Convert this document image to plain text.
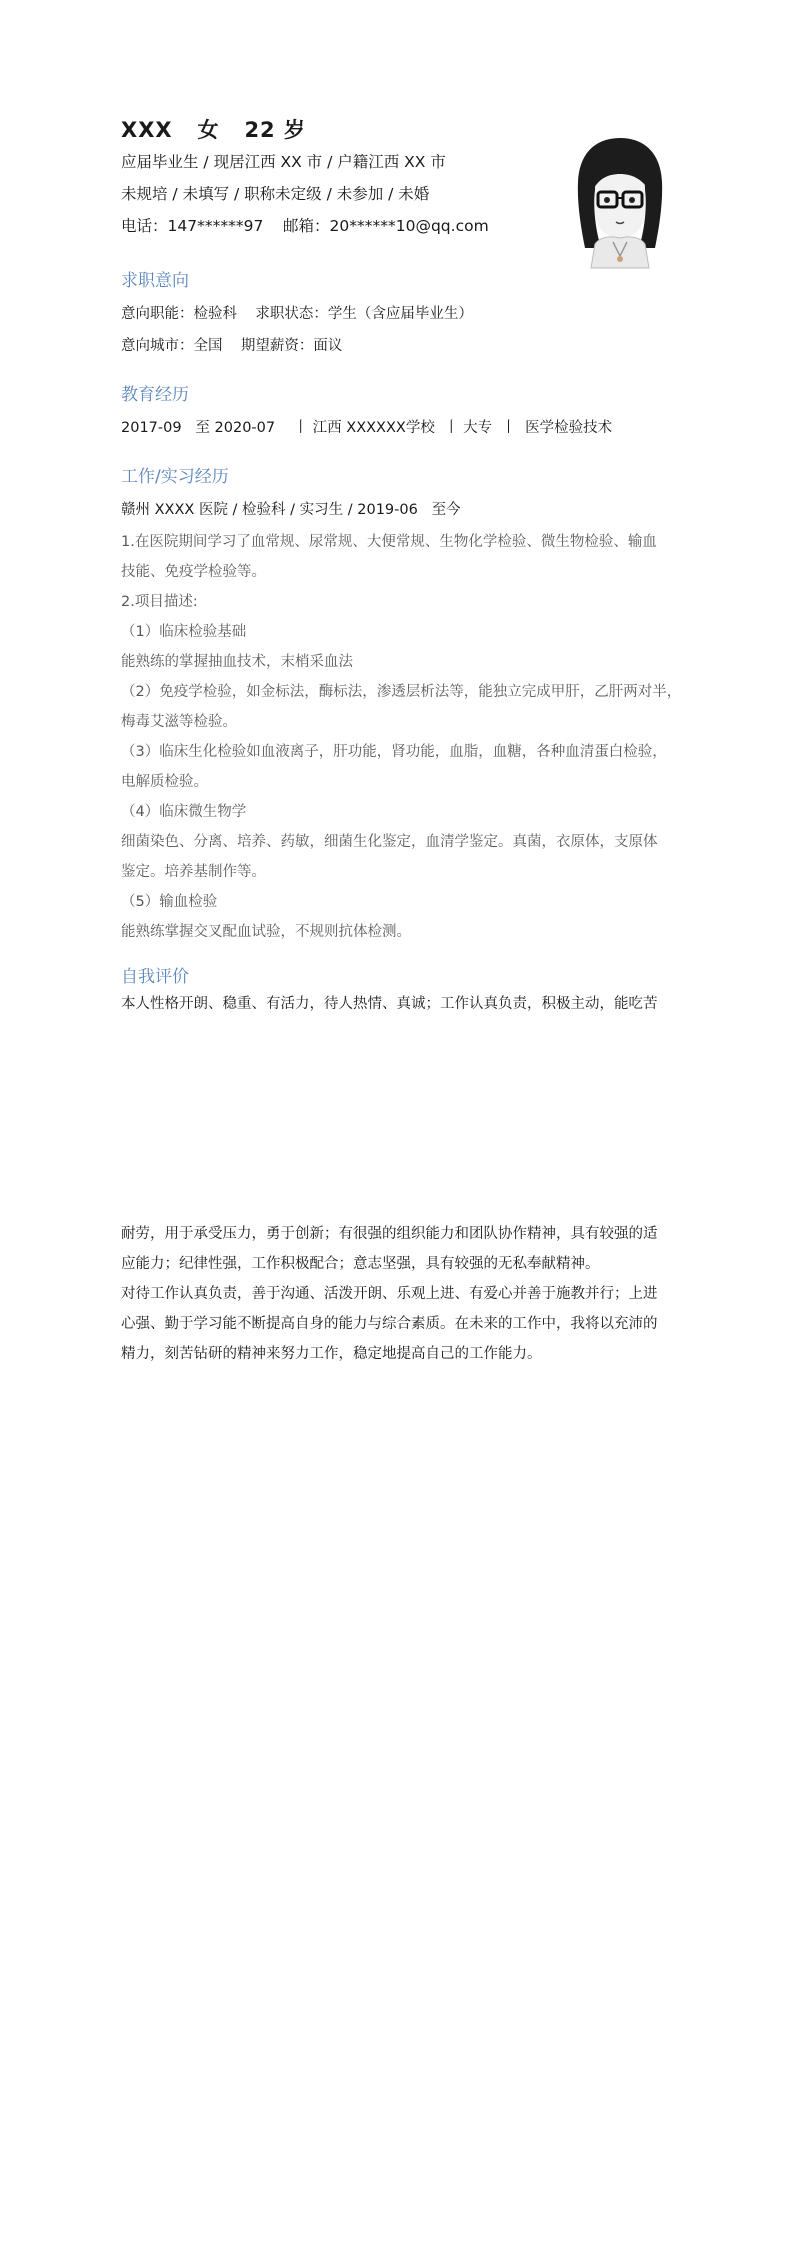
XXX   女   22 岁
应届毕业生 / 现居江西 XX 市 / 户籍江西 XX 市
未规培 / 未填写 / 职称未定级 / 未参加 / 未婚
电话：147******97    邮箱：20******10@qq.com
求职意向
意向职能：检验科    求职状态：学生（含应届毕业生）
意向城市：全国    期望薪资：面议
教育经历
2017-09   至 2020-07    丨 江西 XXXXXX学校  丨 大专  丨  医学检验技术
工作/实习经历
赣州 XXXX 医院 / 检验科 / 实习生 / 2019-06   至今
1.在医院期间学习了血常规、尿常规、大便常规、生物化学检验、微生物检验、输血
技能、免疫学检验等。
2.项目描述:
（1）临床检验基础
能熟练的掌握抽血技术，末梢采血法
（2）免疫学检验，如金标法，酶标法，渗透层析法等，能独立完成甲肝，乙肝两对半，
梅毒艾滋等检验。
（3）临床生化检验如血液离子，肝功能，肾功能，血脂，血糖，各种血清蛋白检验，
电解质检验。
（4）临床微生物学
细菌染色、分离、培养、药敏，细菌生化鉴定，血清学鉴定。真菌，衣原体，支原体
鉴定。培养基制作等。
（5）输血检验
能熟练掌握交叉配血试验，不规则抗体检测。
自我评价
本人性格开朗、稳重、有活力，待人热情、真诚；工作认真负责，积极主动，能吃苦
耐劳，用于承受压力，勇于创新；有很强的组织能力和团队协作精神，具有较强的适
应能力；纪律性强，工作积极配合；意志坚强，具有较强的无私奉献精神。
对待工作认真负责，善于沟通、活泼开朗、乐观上进、有爱心并善于施教并行；上进
心强、勤于学习能不断提高自身的能力与综合素质。在未来的工作中，我将以充沛的
精力，刻苦钻研的精神来努力工作，稳定地提高自己的工作能力。
